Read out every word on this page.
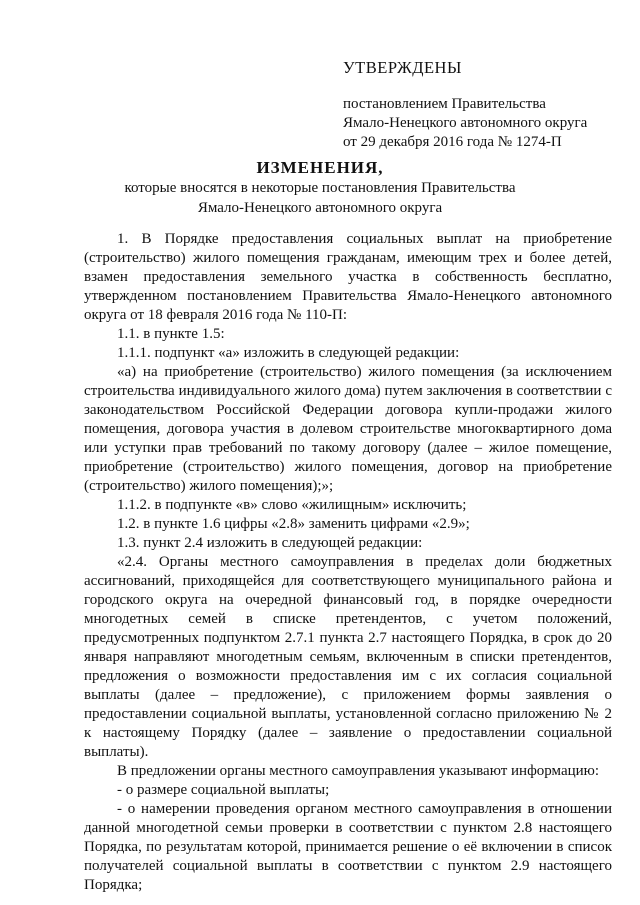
УТВЕРЖДЕНЫ
постановлением Правительства
Ямало-Ненецкого автономного округа
от 29 декабря 2016 года № 1274-П
ИЗМЕНЕНИЯ,
которые вносятся в некоторые постановления Правительства
Ямало-Ненецкого автономного округа

1. В Порядке предоставления социальных выплат на приобретение (строительство) жилого помещения гражданам, имеющим трех и более детей, взамен предоставления земельного участка в собственность бесплатно, утвержденном постановлением Правительства Ямало-Ненецкого автономного округа от 18 февраля 2016 года № 110-П:

1.1. в пункте 1.5:

1.1.1. подпункт «а» изложить в следующей редакции:

«а) на приобретение (строительство) жилого помещения (за исключением строительства индивидуального жилого дома) путем заключения в соответствии с законодательством Российской Федерации договора купли-продажи жилого помещения, договора участия в долевом строительстве многоквартирного дома или уступки прав требований по такому договору (далее – жилое помещение, приобретение (строительство) жилого помещения, договор на приобретение (строительство) жилого помещения);»;

1.1.2. в подпункте «в» слово «жилищным» исключить;

1.2. в пункте 1.6 цифры «2.8» заменить цифрами «2.9»;

1.3. пункт 2.4 изложить в следующей редакции:

«2.4. Органы местного самоуправления в пределах доли бюджетных ассигнований, приходящейся для соответствующего муниципального района и городского округа на очередной финансовый год, в порядке очередности многодетных семей в списке претендентов, с учетом положений, предусмотренных подпунктом 2.7.1 пункта 2.7 настоящего Порядка, в срок до 20 января направляют многодетным семьям, включенным в списки претендентов, предложения о возможности предоставления им с их согласия социальной выплаты (далее – предложение), с приложением формы заявления о предоставлении социальной выплаты, установленной согласно приложению № 2 к настоящему Порядку (далее – заявление о предоставлении социальной выплаты).

В предложении органы местного самоуправления указывают информацию:

- о размере социальной выплаты;

- о намерении проведения органом местного самоуправления в отношении данной многодетной семьи проверки в соответствии с пунктом 2.8 настоящего Порядка, по результатам которой, принимается решение о её включении в список получателей социальной выплаты в соответствии с пунктом 2.9 настоящего Порядка;
